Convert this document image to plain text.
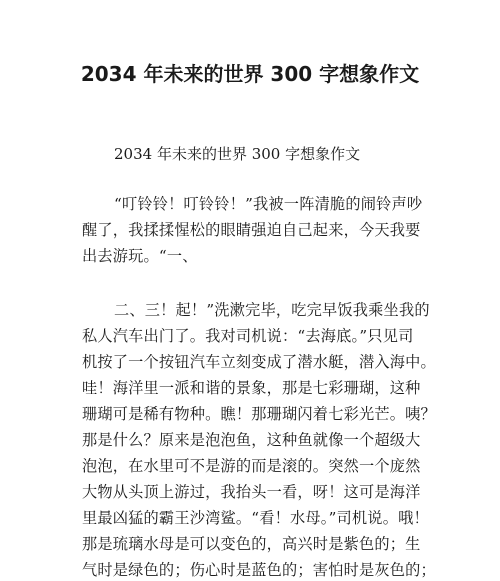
2034 年未来的世界 300 字想象作文

2034 年未来的世界 300 字想象作文

“叮铃铃！叮铃铃！”我被一阵清脆的闹铃声吵

醒了，我揉揉惺松的眼睛强迫自己起来，今天我要

出去游玩。“一、

二、三！起！”洗漱完毕，吃完早饭我乘坐我的

私人汽车出门了。我对司机说：“去海底。”只见司

机按了一个按钮汽车立刻变成了潜水艇，潜入海中。

哇！海洋里一派和谐的景象，那是七彩珊瑚，这种

珊瑚可是稀有物种。瞧！那珊瑚闪着七彩光芒。咦？

那是什么？原来是泡泡鱼，这种鱼就像一个超级大

泡泡，在水里可不是游的而是滚的。突然一个庞然

大物从头顶上游过，我抬头一看，呀！这可是海洋

里最凶猛的霸王沙湾鲨。“看！水母。”司机说。哦！

那是琉璃水母是可以变色的，高兴时是紫色的；生

气时是绿色的；伤心时是蓝色的；害怕时是灰色的；
